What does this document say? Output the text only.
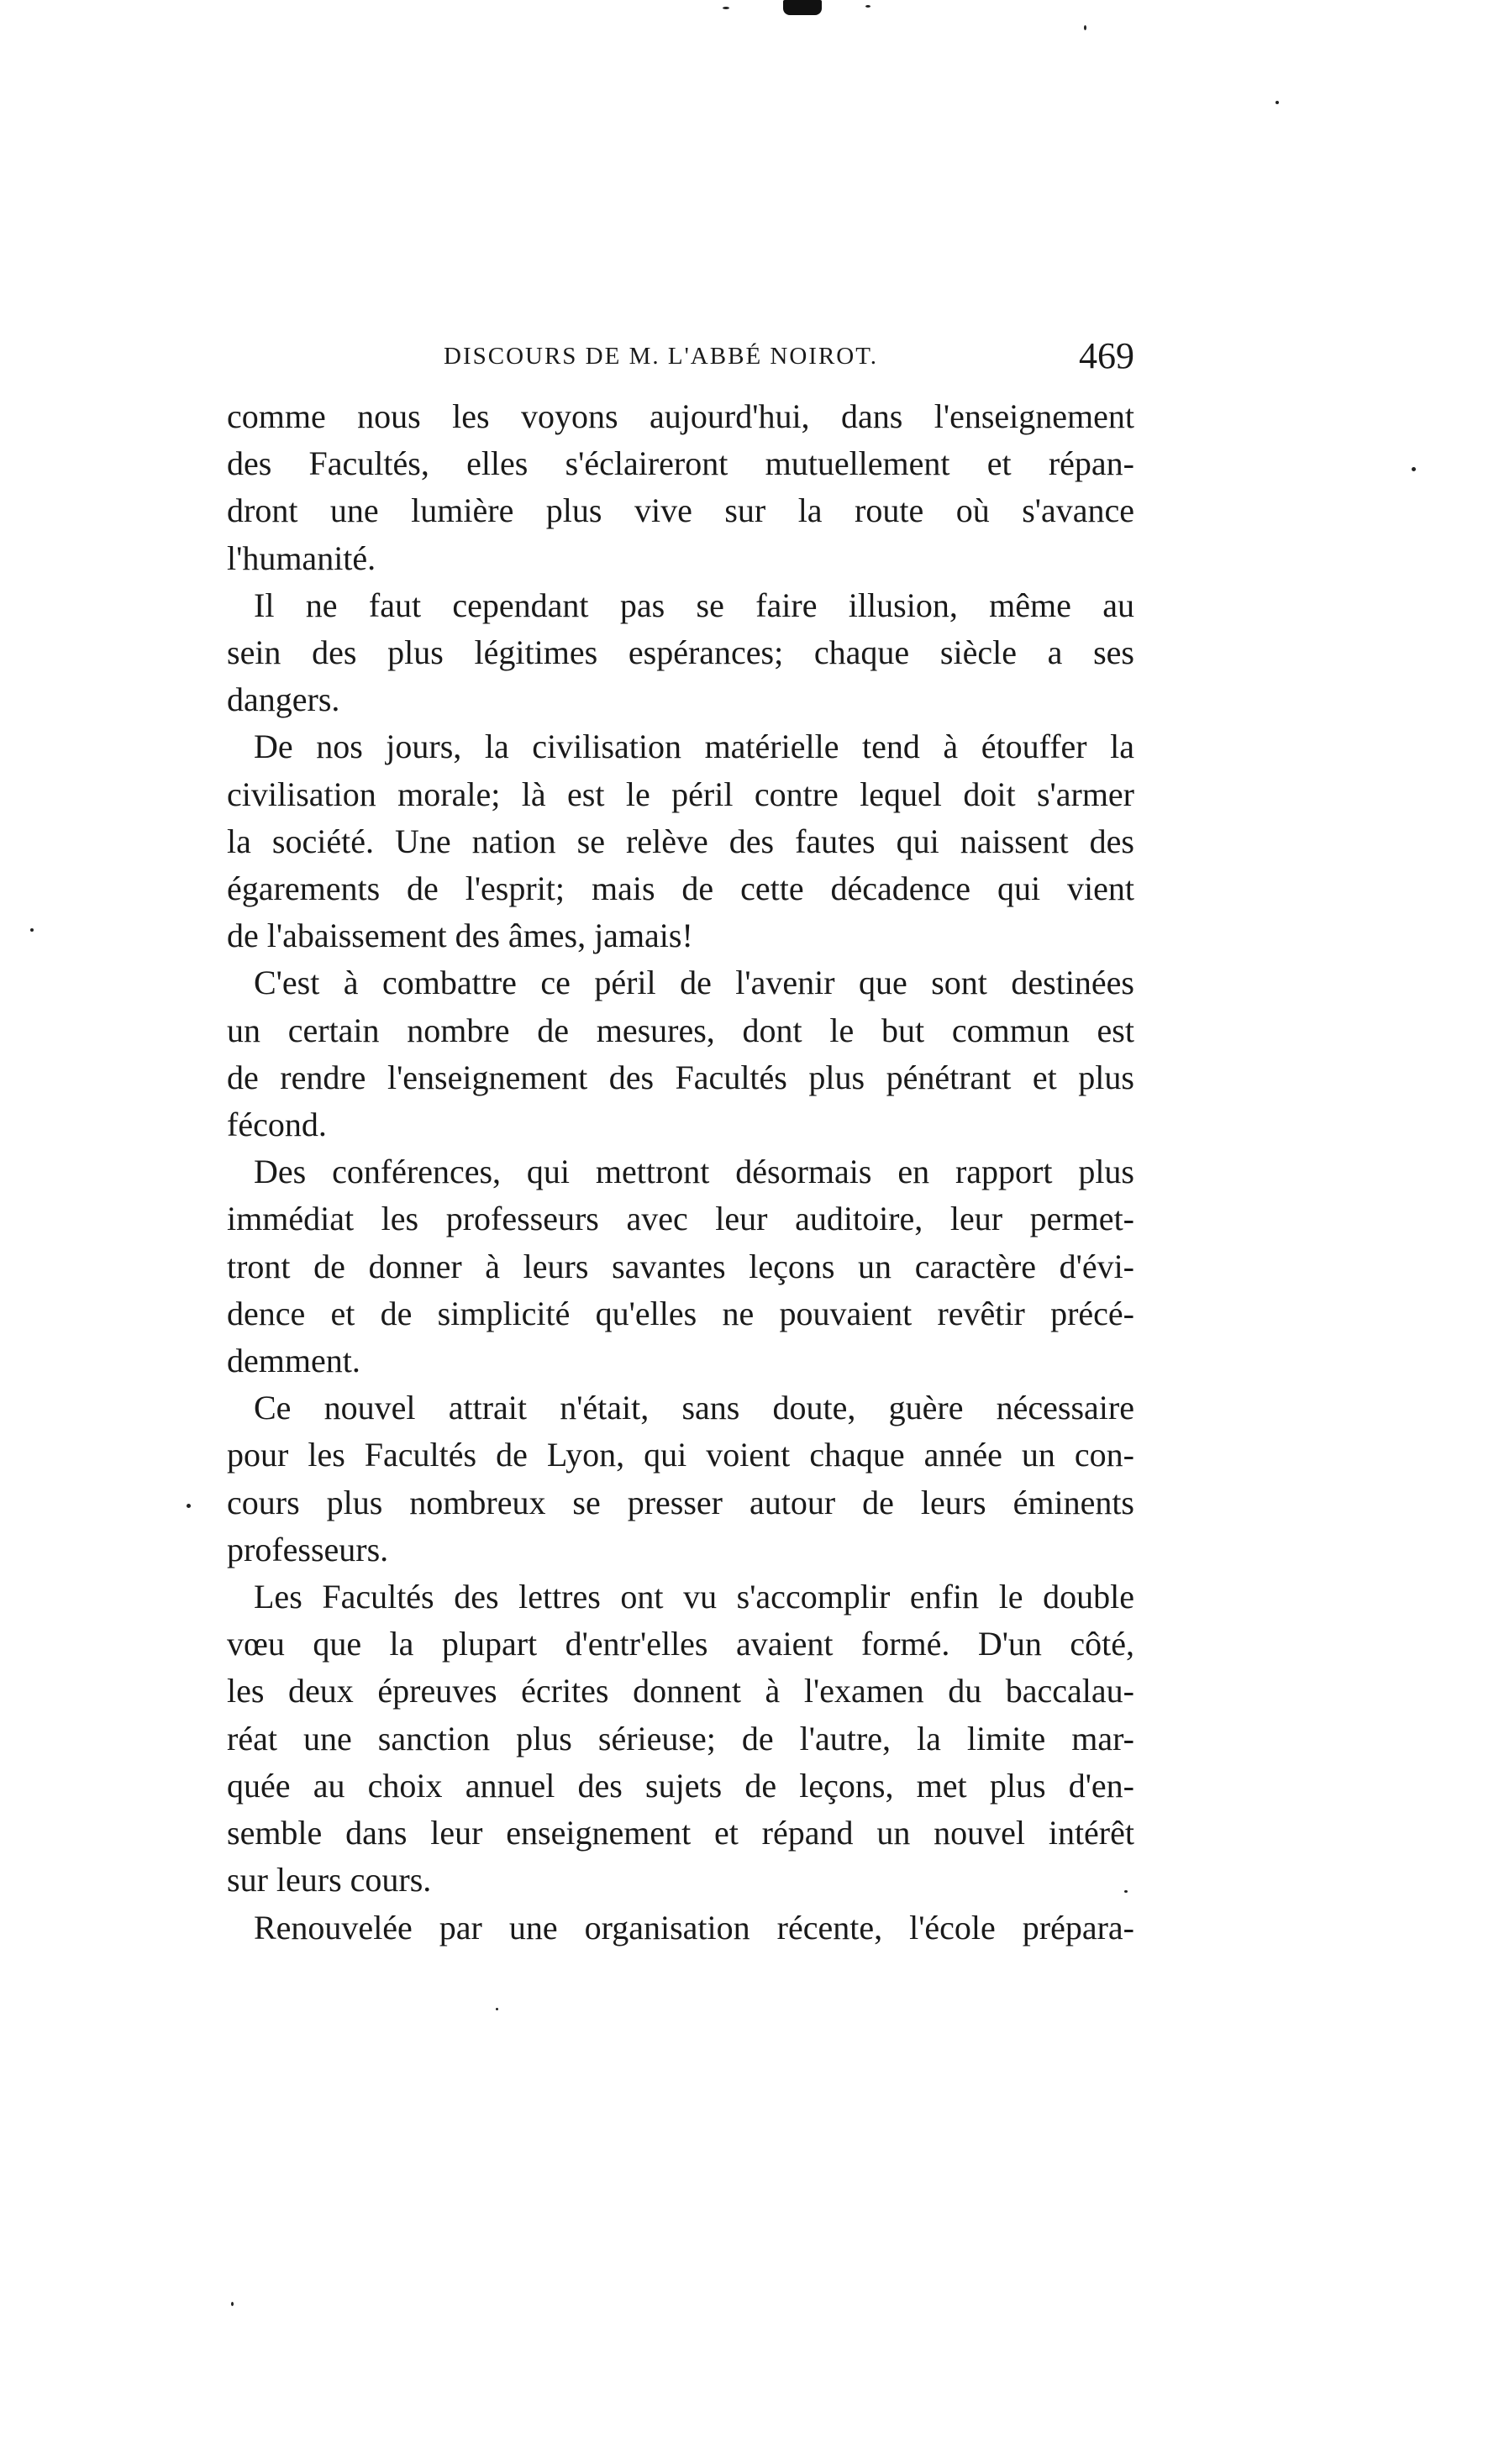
DISCOURS DE M. L'ABBÉ NOIROT.	469
comme nous les voyons aujourd'hui, dans l'enseignement
des Facultés, elles s'éclaireront mutuellement et répan-
dront une lumière plus vive sur la route où s'avance
l'humanité.
Il ne faut cependant pas se faire illusion, même au
sein des plus légitimes espérances; chaque siècle a ses
dangers.
De nos jours, la civilisation matérielle tend à étouffer la
civilisation morale; là est le péril contre lequel doit s'armer
la société. Une nation se relève des fautes qui naissent des
égarements de l'esprit; mais de cette décadence qui vient
de l'abaissement des âmes, jamais!
C'est à combattre ce péril de l'avenir que sont destinées
un certain nombre de mesures, dont le but commun est
de rendre l'enseignement des Facultés plus pénétrant et plus
fécond.
Des conférences, qui mettront désormais en rapport plus
immédiat les professeurs avec leur auditoire, leur permet-
tront de donner à leurs savantes leçons un caractère d'évi-
dence et de simplicité qu'elles ne pouvaient revêtir précé-
demment.
Ce nouvel attrait n'était, sans doute, guère nécessaire
pour les Facultés de Lyon, qui voient chaque année un con-
cours plus nombreux se presser autour de leurs éminents
professeurs.
Les Facultés des lettres ont vu s'accomplir enfin le double
vœu que la plupart d'entr'elles avaient formé. D'un côté,
les deux épreuves écrites donnent à l'examen du baccalau-
réat une sanction plus sérieuse; de l'autre, la limite mar-
quée au choix annuel des sujets de leçons, met plus d'en-
semble dans leur enseignement et répand un nouvel intérêt
sur leurs cours.
Renouvelée par une organisation récente, l'école prépara-
